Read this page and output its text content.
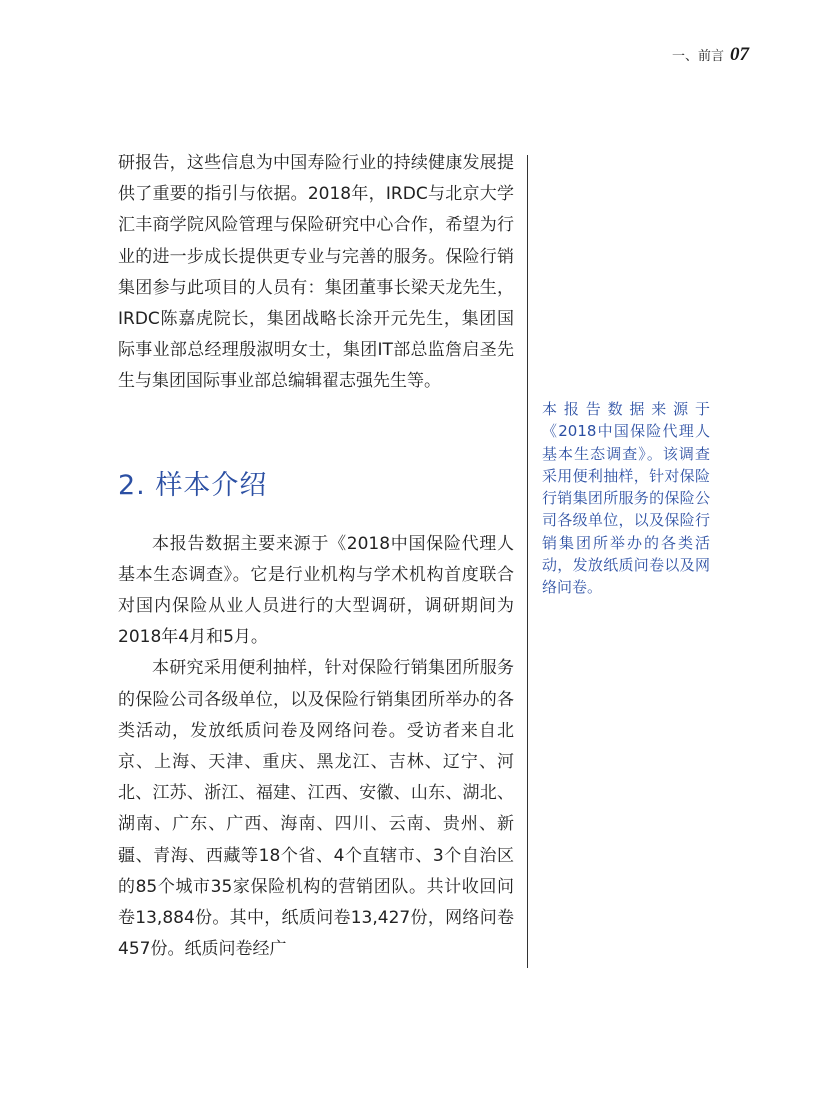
一、前言 07

研报告，这些信息为中国寿险行业的持续健康发展提供了重要的指引与依据。2018年，IRDC与北京大学汇丰商学院风险管理与保险研究中心合作，希望为行业的进一步成长提供更专业与完善的服务。保险行销集团参与此项目的人员有：集团董事长梁天龙先生，IRDC陈嘉虎院长，集团战略长涂开元先生，集团国际事业部总经理殷淑明女士，集团IT部总监詹启圣先生与集团国际事业部总编辑翟志强先生等。

2. 样本介绍

本报告数据主要来源于《2018中国保险代理人基本生态调查》。它是行业机构与学术机构首度联合对国内保险从业人员进行的大型调研，调研期间为2018年4月和5月。

本研究采用便利抽样，针对保险行销集团所服务的保险公司各级单位，以及保险行销集团所举办的各类活动，发放纸质问卷及网络问卷。受访者来自北京、上海、天津、重庆、黑龙江、吉林、辽宁、河北、江苏、浙江、福建、江西、安徽、山东、湖北、湖南、广东、广西、海南、四川、云南、贵州、新疆、青海、西藏等18个省、4个直辖市、3个自治区的85个城市35家保险机构的营销团队。共计收回问卷13,884份。其中，纸质问卷13,427份，网络问卷457份。纸质问卷经广

本报告数据来源于《2018中国保险代理人基本生态调查》。该调查采用便利抽样，针对保险行销集团所服务的保险公司各级单位，以及保险行销集团所举办的各类活动，发放纸质问卷以及网络问卷。
